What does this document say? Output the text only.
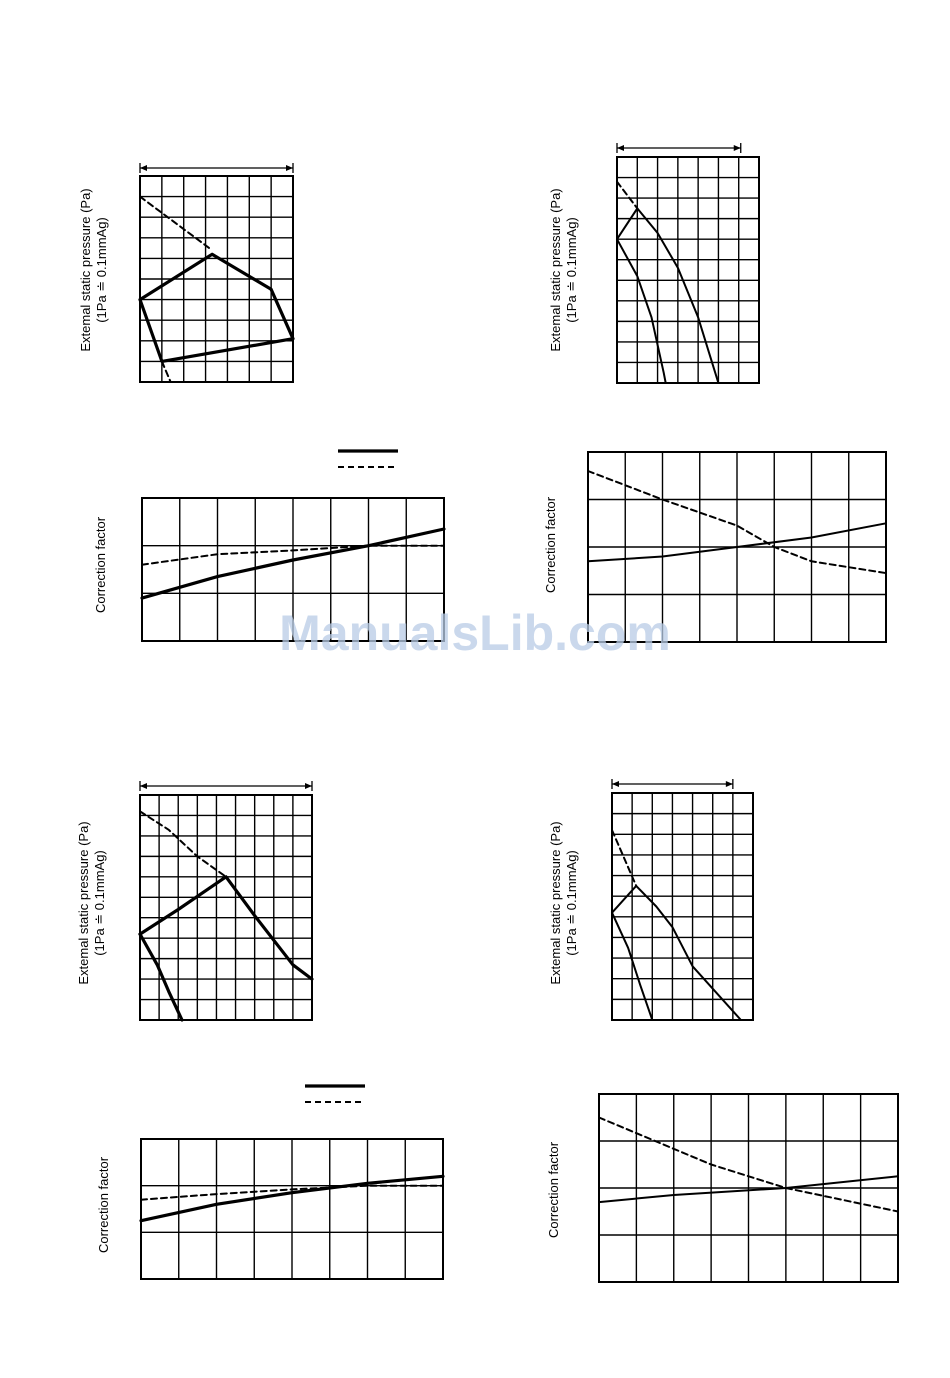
Extemal static pressure (Pa) (1Pa ≐ 0.1mmAg)	Extemal static pressure (Pa) (1Pa ≐ 0.1mmAg)
Correction factor	Correction factor
Extemal static pressure (Pa) (1Pa ≐ 0.1mmAg)	Extemal static pressure (Pa) (1Pa ≐ 0.1mmAg)
Correction factor	Correction factor
ManualsLib.com
